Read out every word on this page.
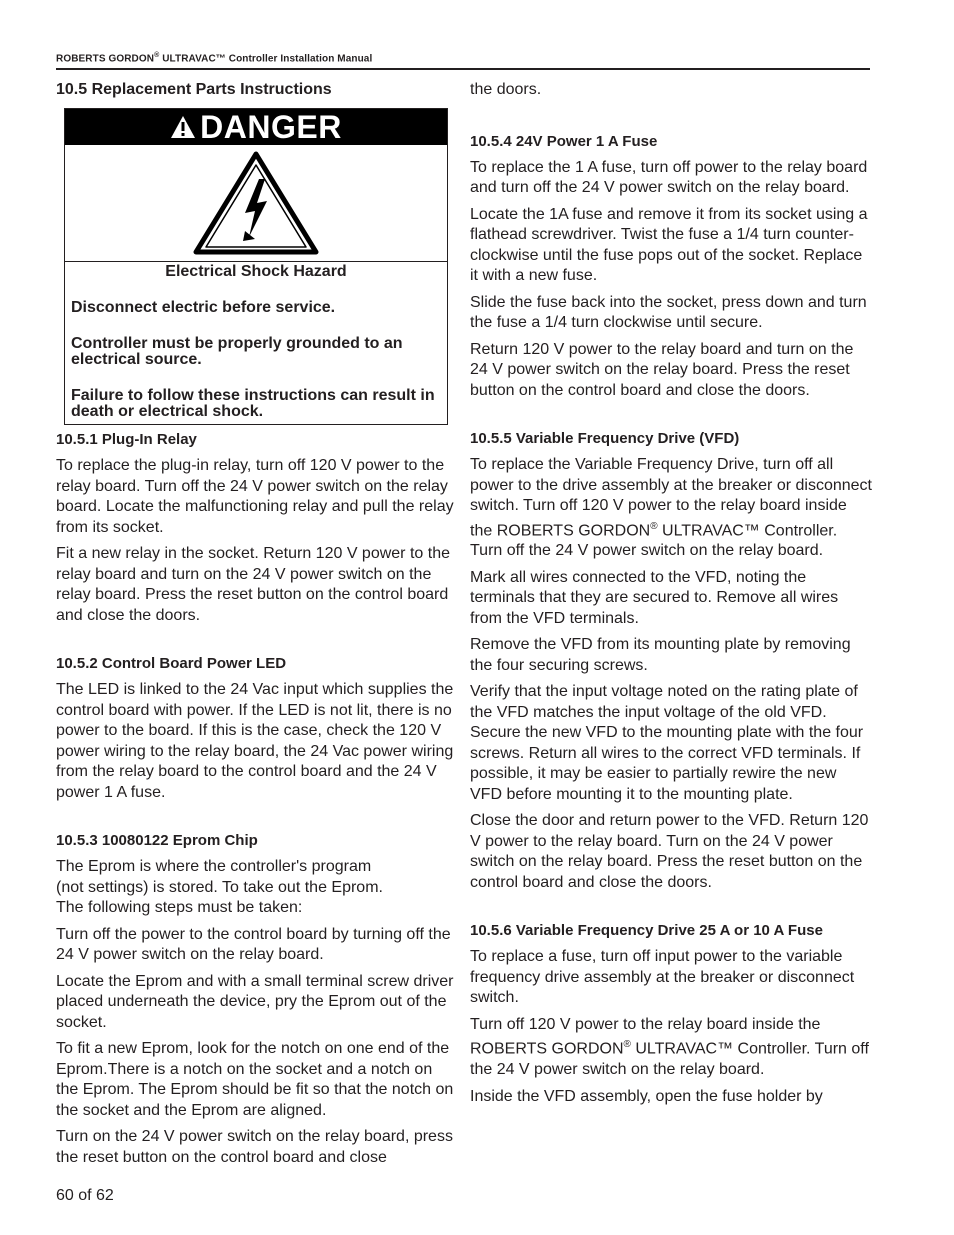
ROBERTS GORDON® ULTRAVAC™ Controller Installation Manual
10.5 Replacement Parts Instructions
DANGER
Electrical Shock Hazard
Disconnect electric before service.
Controller must be properly grounded to an electrical source.
Failure to follow these instructions can result in death or electrical shock.
10.5.1 Plug-In Relay

To replace the plug-in relay, turn off 120 V power to the relay board. Turn off the 24 V power switch on the relay board. Locate the malfunctioning relay and pull the relay from its socket.

Fit a new relay in the socket. Return 120 V power to the relay board and turn on the 24 V power switch on the relay board. Press the reset button on the control board and close the doors.

10.5.2 Control Board Power LED

The LED is linked to the 24 Vac input which supplies the control board with power. If the LED is not lit, there is no power to the board. If this is the case, check the 120 V power wiring to the relay board, the 24 Vac power wiring from the relay board to the control board and the 24 V power 1 A fuse.

10.5.3 10080122 Eprom Chip

The Eprom is where the controller's program
(not settings) is stored. To take out the Eprom.
The following steps must be taken:

Turn off the power to the control board by turning off the 24 V power switch on the relay board.

Locate the Eprom and with a small terminal screw driver placed underneath the device, pry the Eprom out of the socket.

To fit a new Eprom, look for the notch on one end of the Eprom.There is a notch on the socket and a notch on the Eprom. The Eprom should be fit so that the notch on the socket and the Eprom are aligned.

Turn on the 24 V power switch on the relay board, press the reset button on the control board and close

the doors.

10.5.4 24V Power 1 A Fuse

To replace the 1 A fuse, turn off power to the relay board and turn off the 24 V power switch on the relay board.

Locate the 1A fuse and remove it from its socket using a flathead screwdriver. Twist the fuse a 1/4 turn counter-clockwise until the fuse pops out of the socket. Replace it with a new fuse.

Slide the fuse back into the socket, press down and turn the fuse a 1/4 turn clockwise until secure.

Return 120 V power to the relay board and turn on the 24 V power switch on the relay board. Press the reset button on the control board and close the doors.

10.5.5 Variable Frequency Drive (VFD)

To replace the Variable Frequency Drive, turn off all power to the drive assembly at the breaker or disconnect switch. Turn off 120 V power to the relay board inside the ROBERTS GORDON® ULTRAVAC™ Controller. Turn off the 24 V power switch on the relay board.

Mark all wires connected to the VFD, noting the terminals that they are secured to. Remove all wires from the VFD terminals.

Remove the VFD from its mounting plate by removing the four securing screws.

Verify that the input voltage noted on the rating plate of the VFD matches the input voltage of the old VFD. Secure the new VFD to the mounting plate with the four screws. Return all wires to the correct VFD terminals. If possible, it may be easier to partially rewire the new VFD before mounting it to the mounting plate.

Close the door and return power to the VFD. Return 120 V power to the relay board. Turn on the 24 V power switch on the relay board. Press the reset button on the control board and close the doors.

10.5.6 Variable Frequency Drive 25 A or 10 A Fuse

To replace a fuse, turn off input power to the variable frequency drive assembly at the breaker or disconnect switch.

Turn off 120 V power to the relay board inside the ROBERTS GORDON® ULTRAVAC™ Controller. Turn off the 24 V power switch on the relay board.

Inside the VFD assembly, open the fuse holder by

60 of 62
